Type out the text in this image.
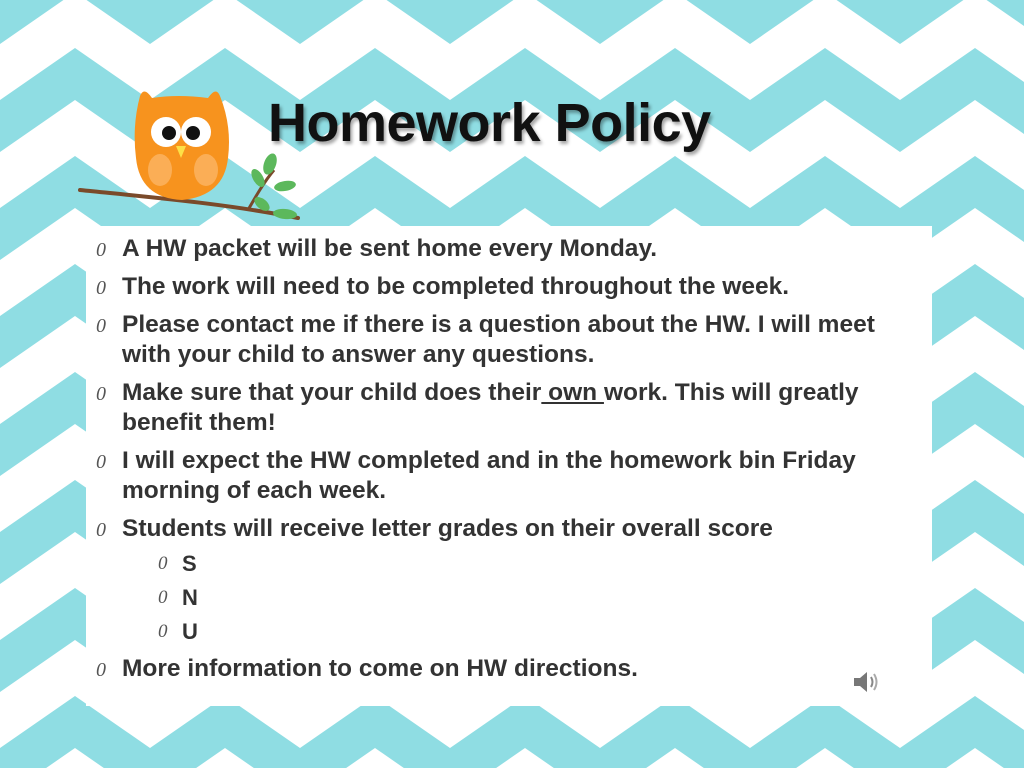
Homework Policy
0 A HW packet will be sent home every Monday.
0 The work will need to be completed throughout the week.
0 Please contact me if there is a question about the HW. I will meet with your child to answer any questions.
0 Make sure that your child does their own work. This will greatly benefit them!
0 I will expect the HW completed and in the homework bin Friday morning of each week.
0 Students will receive letter grades on their overall score
0 S
0 N
0 U
0 More information to come on HW directions.
